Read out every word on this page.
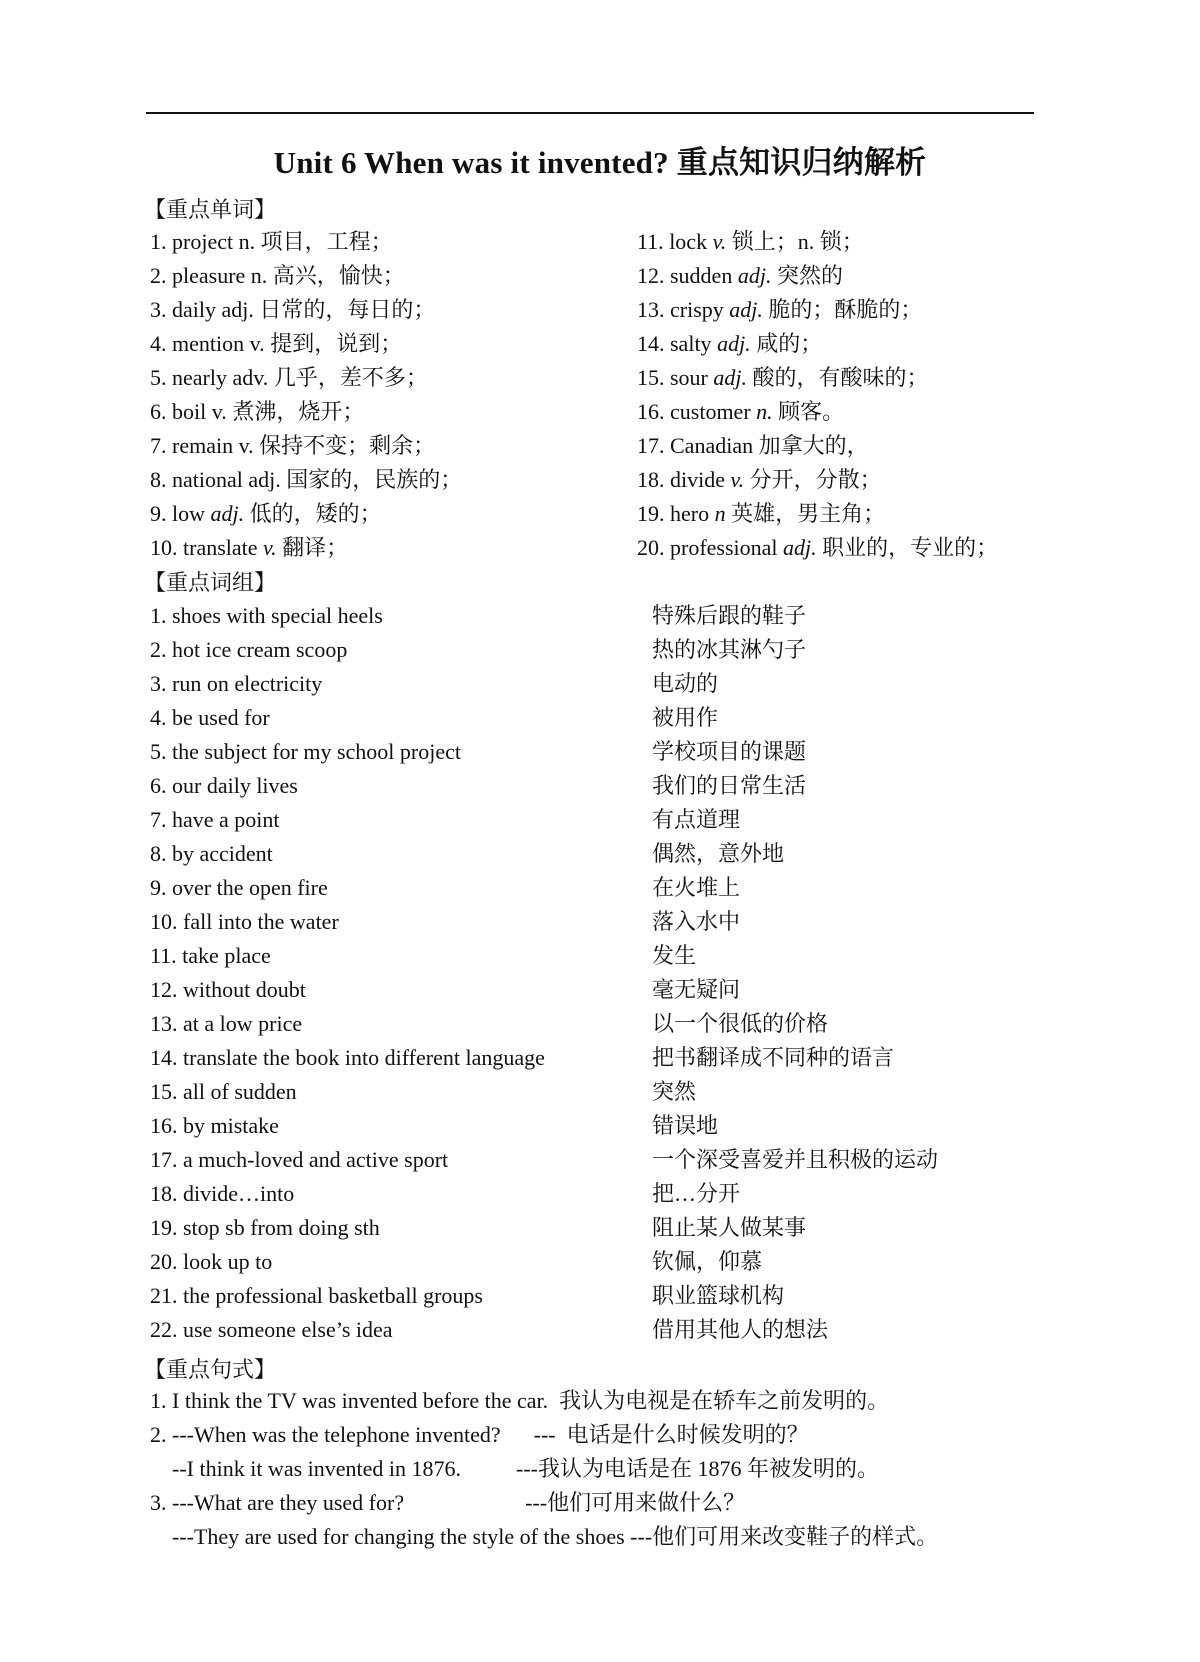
Unit 6 When was it invented? 重点知识归纳解析
【重点单词】
1. project n. 项目，工程；
2. pleasure n. 高兴，愉快；
3. daily adj. 日常的，每日的；
4. mention v. 提到，说到；
5. nearly adv. 几乎，差不多；
6. boil v. 煮沸，烧开；
7. remain v. 保持不变；剩余；
8. national adj. 国家的，民族的；
9. low adj. 低的，矮的；
10. translate v. 翻译；
11. lock v. 锁上；n. 锁；
12. sudden adj. 突然的
13. crispy adj. 脆的；酥脆的；
14. salty adj. 咸的；
15. sour adj. 酸的，有酸味的；
16. customer n. 顾客。
17. Canadian 加拿大的，
18. divide v. 分开，分散；
19. hero n 英雄，男主角；
20. professional adj. 职业的，专业的；
【重点词组】
1. shoes with special heels	特殊后跟的鞋子
2. hot ice cream scoop	热的冰其淋勺子
3. run on electricity	电动的
4. be used for	被用作
5. the subject for my school project	学校项目的课题
6. our daily lives	我们的日常生活
7. have a point	有点道理
8. by accident	偶然，意外地
9. over the open fire	在火堆上
10. fall into the water	落入水中
11. take place	发生
12. without doubt	毫无疑问
13. at a low price	以一个很低的价格
14. translate the book into different language	把书翻译成不同种的语言
15. all of sudden	突然
16. by mistake	错误地
17. a much-loved and active sport	一个深受喜爱并且积极的运动
18. divide…into	把…分开
19. stop sb from doing sth	阻止某人做某事
20. look up to	钦佩，仰慕
21. the professional basketball groups	职业篮球机构
22. use someone else’s idea	借用其他人的想法
【重点句式】
1. I think the TV was invented before the car.  我认为电视是在轿车之前发明的。
2. ---When was the telephone invented?      ---  电话是什么时候发明的？
--I think it was invented in 1876.          ---我认为电话是在 1876 年被发明的。
3. ---What are they used for?                      ---他们可用来做什么？
---They are used for changing the style of the shoes ---他们可用来改变鞋子的样式。
